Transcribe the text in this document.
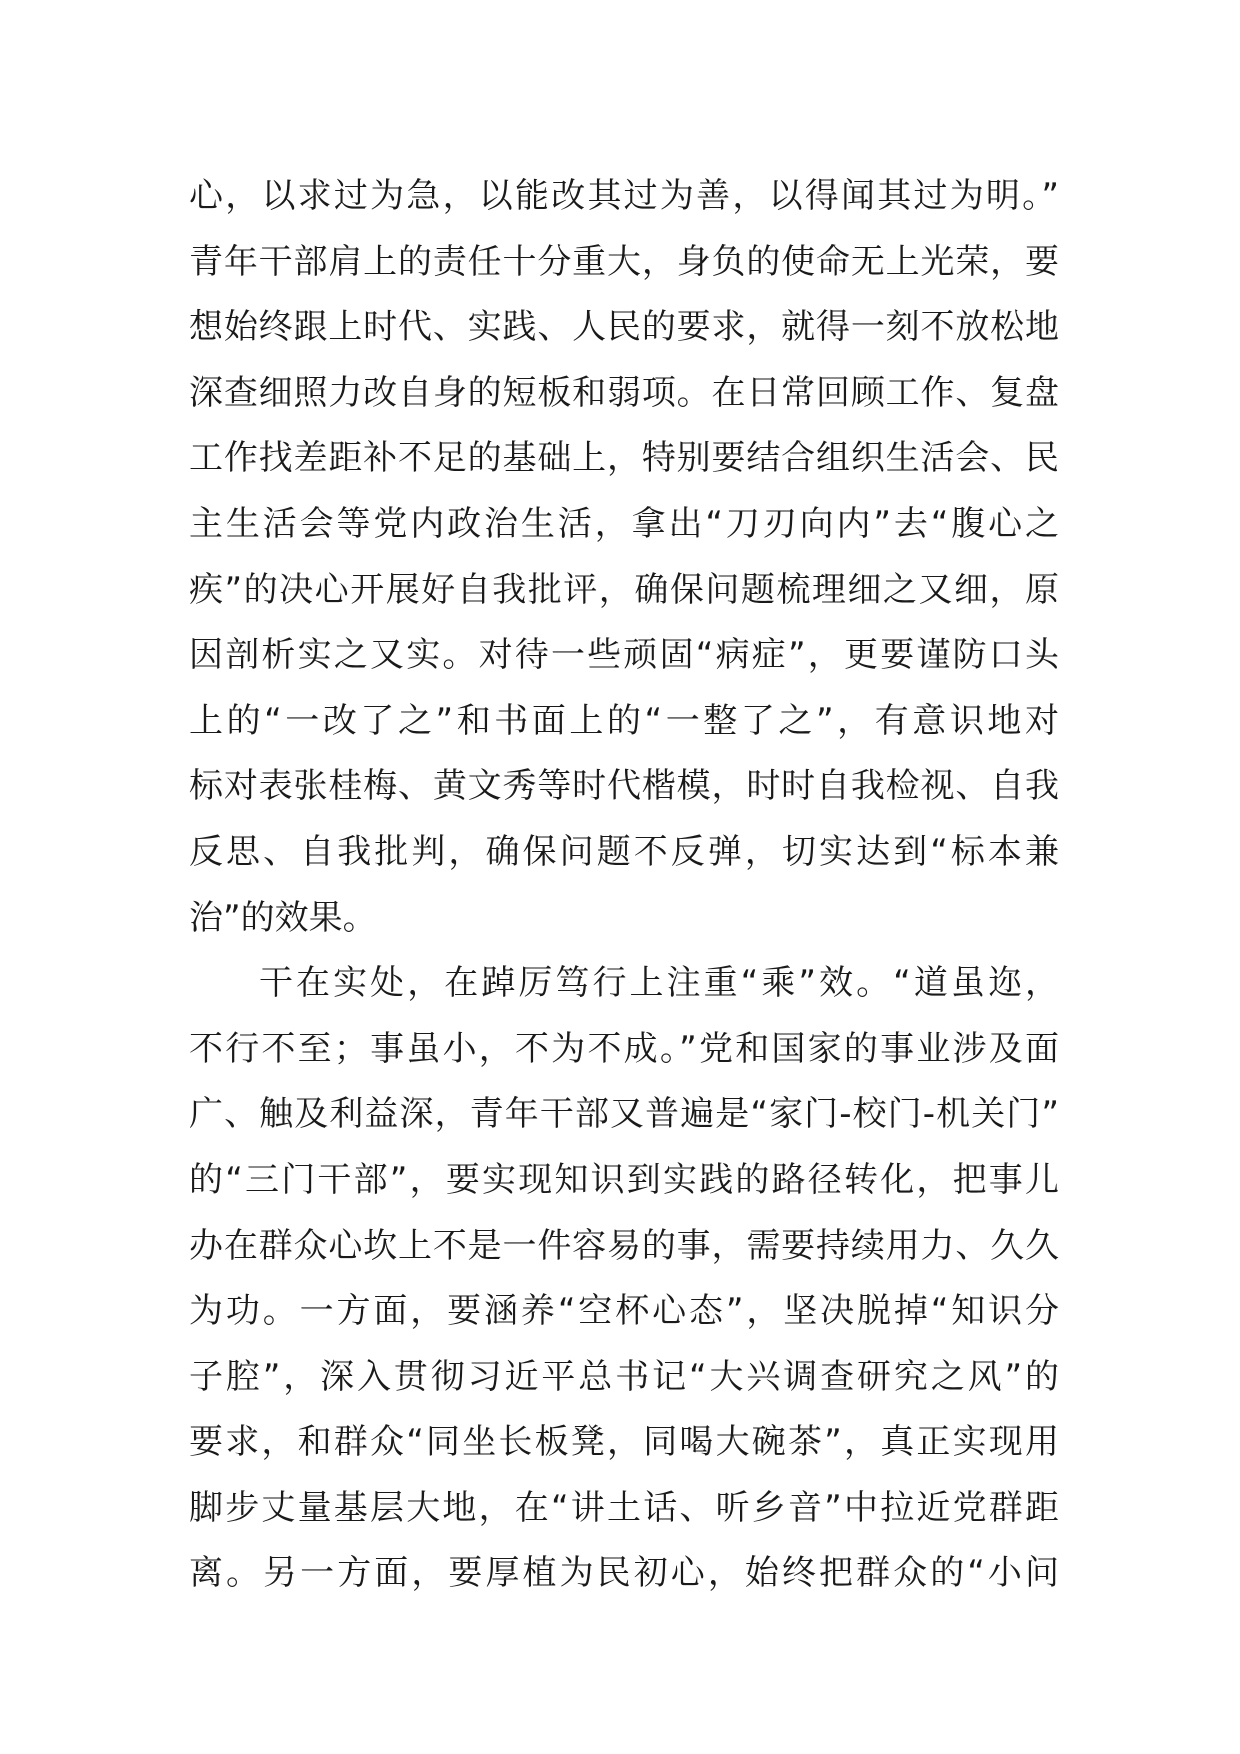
心，以求过为急，以能改其过为善，以得闻其过为明。”
青年干部肩上的责任十分重大，身负的使命无上光荣，要
想始终跟上时代、实践、人民的要求，就得一刻不放松地
深查细照力改自身的短板和弱项。在日常回顾工作、复盘
工作找差距补不足的基础上，特别要结合组织生活会、民
主生活会等党内政治生活，拿出“刀刃向内”去“腹心之
疾”的决心开展好自我批评，确保问题梳理细之又细，原
因剖析实之又实。对待一些顽固“病症”，更要谨防口头
上的“一改了之”和书面上的“一整了之”，有意识地对
标对表张桂梅、黄文秀等时代楷模，时时自我检视、自我
反思、自我批判，确保问题不反弹，切实达到“标本兼
治”的效果。
干在实处，在踔厉笃行上注重“乘”效。“道虽迩，
不行不至；事虽小，不为不成。”党和国家的事业涉及面
广、触及利益深，青年干部又普遍是“家门-校门-机关门”
的“三门干部”，要实现知识到实践的路径转化，把事儿
办在群众心坎上不是一件容易的事，需要持续用力、久久
为功。一方面，要涵养“空杯心态”，坚决脱掉“知识分
子腔”，深入贯彻习近平总书记“大兴调查研究之风”的
要求，和群众“同坐长板凳，同喝大碗茶”，真正实现用
脚步丈量基层大地，在“讲土话、听乡音”中拉近党群距
离。另一方面，要厚植为民初心，始终把群众的“小问
